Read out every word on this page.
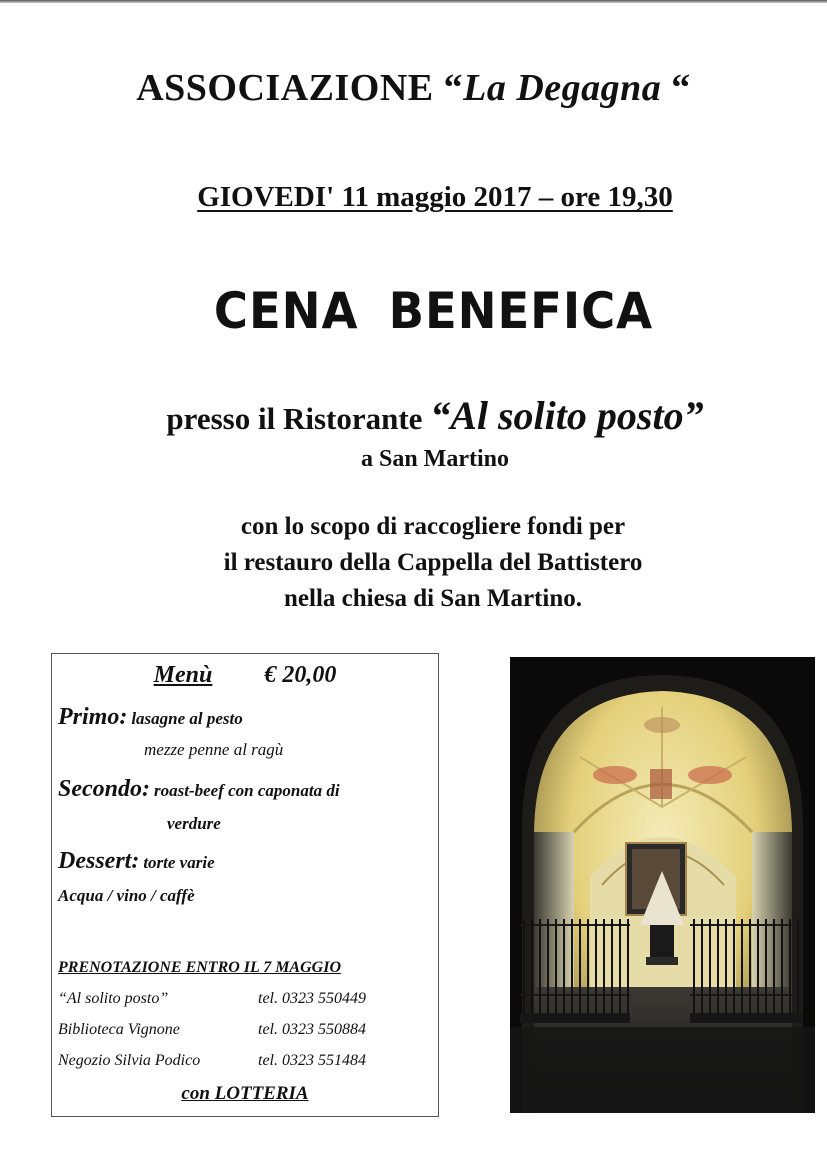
ASSOCIAZIONE “La Degagna “
GIOVEDI' 11 maggio 2017 – ore 19,30
CENA BENEFICA
presso il Ristorante “Al solito posto”
a San Martino
con lo scopo di raccogliere fondi per
il restauro della Cappella del Battistero
nella chiesa di San Martino.
Menù € 20,00
Primo: lasagne al pesto
mezze penne al ragù
Secondo: roast-beef con caponata di
verdure
Dessert: torte varie
Acqua / vino / caffè
PRENOTAZIONE ENTRO IL 7 MAGGIO
“Al solito posto”	tel. 0323 550449
Biblioteca Vignone	tel. 0323 550884
Negozio Silvia Podico	tel. 0323 551484
con LOTTERIA
